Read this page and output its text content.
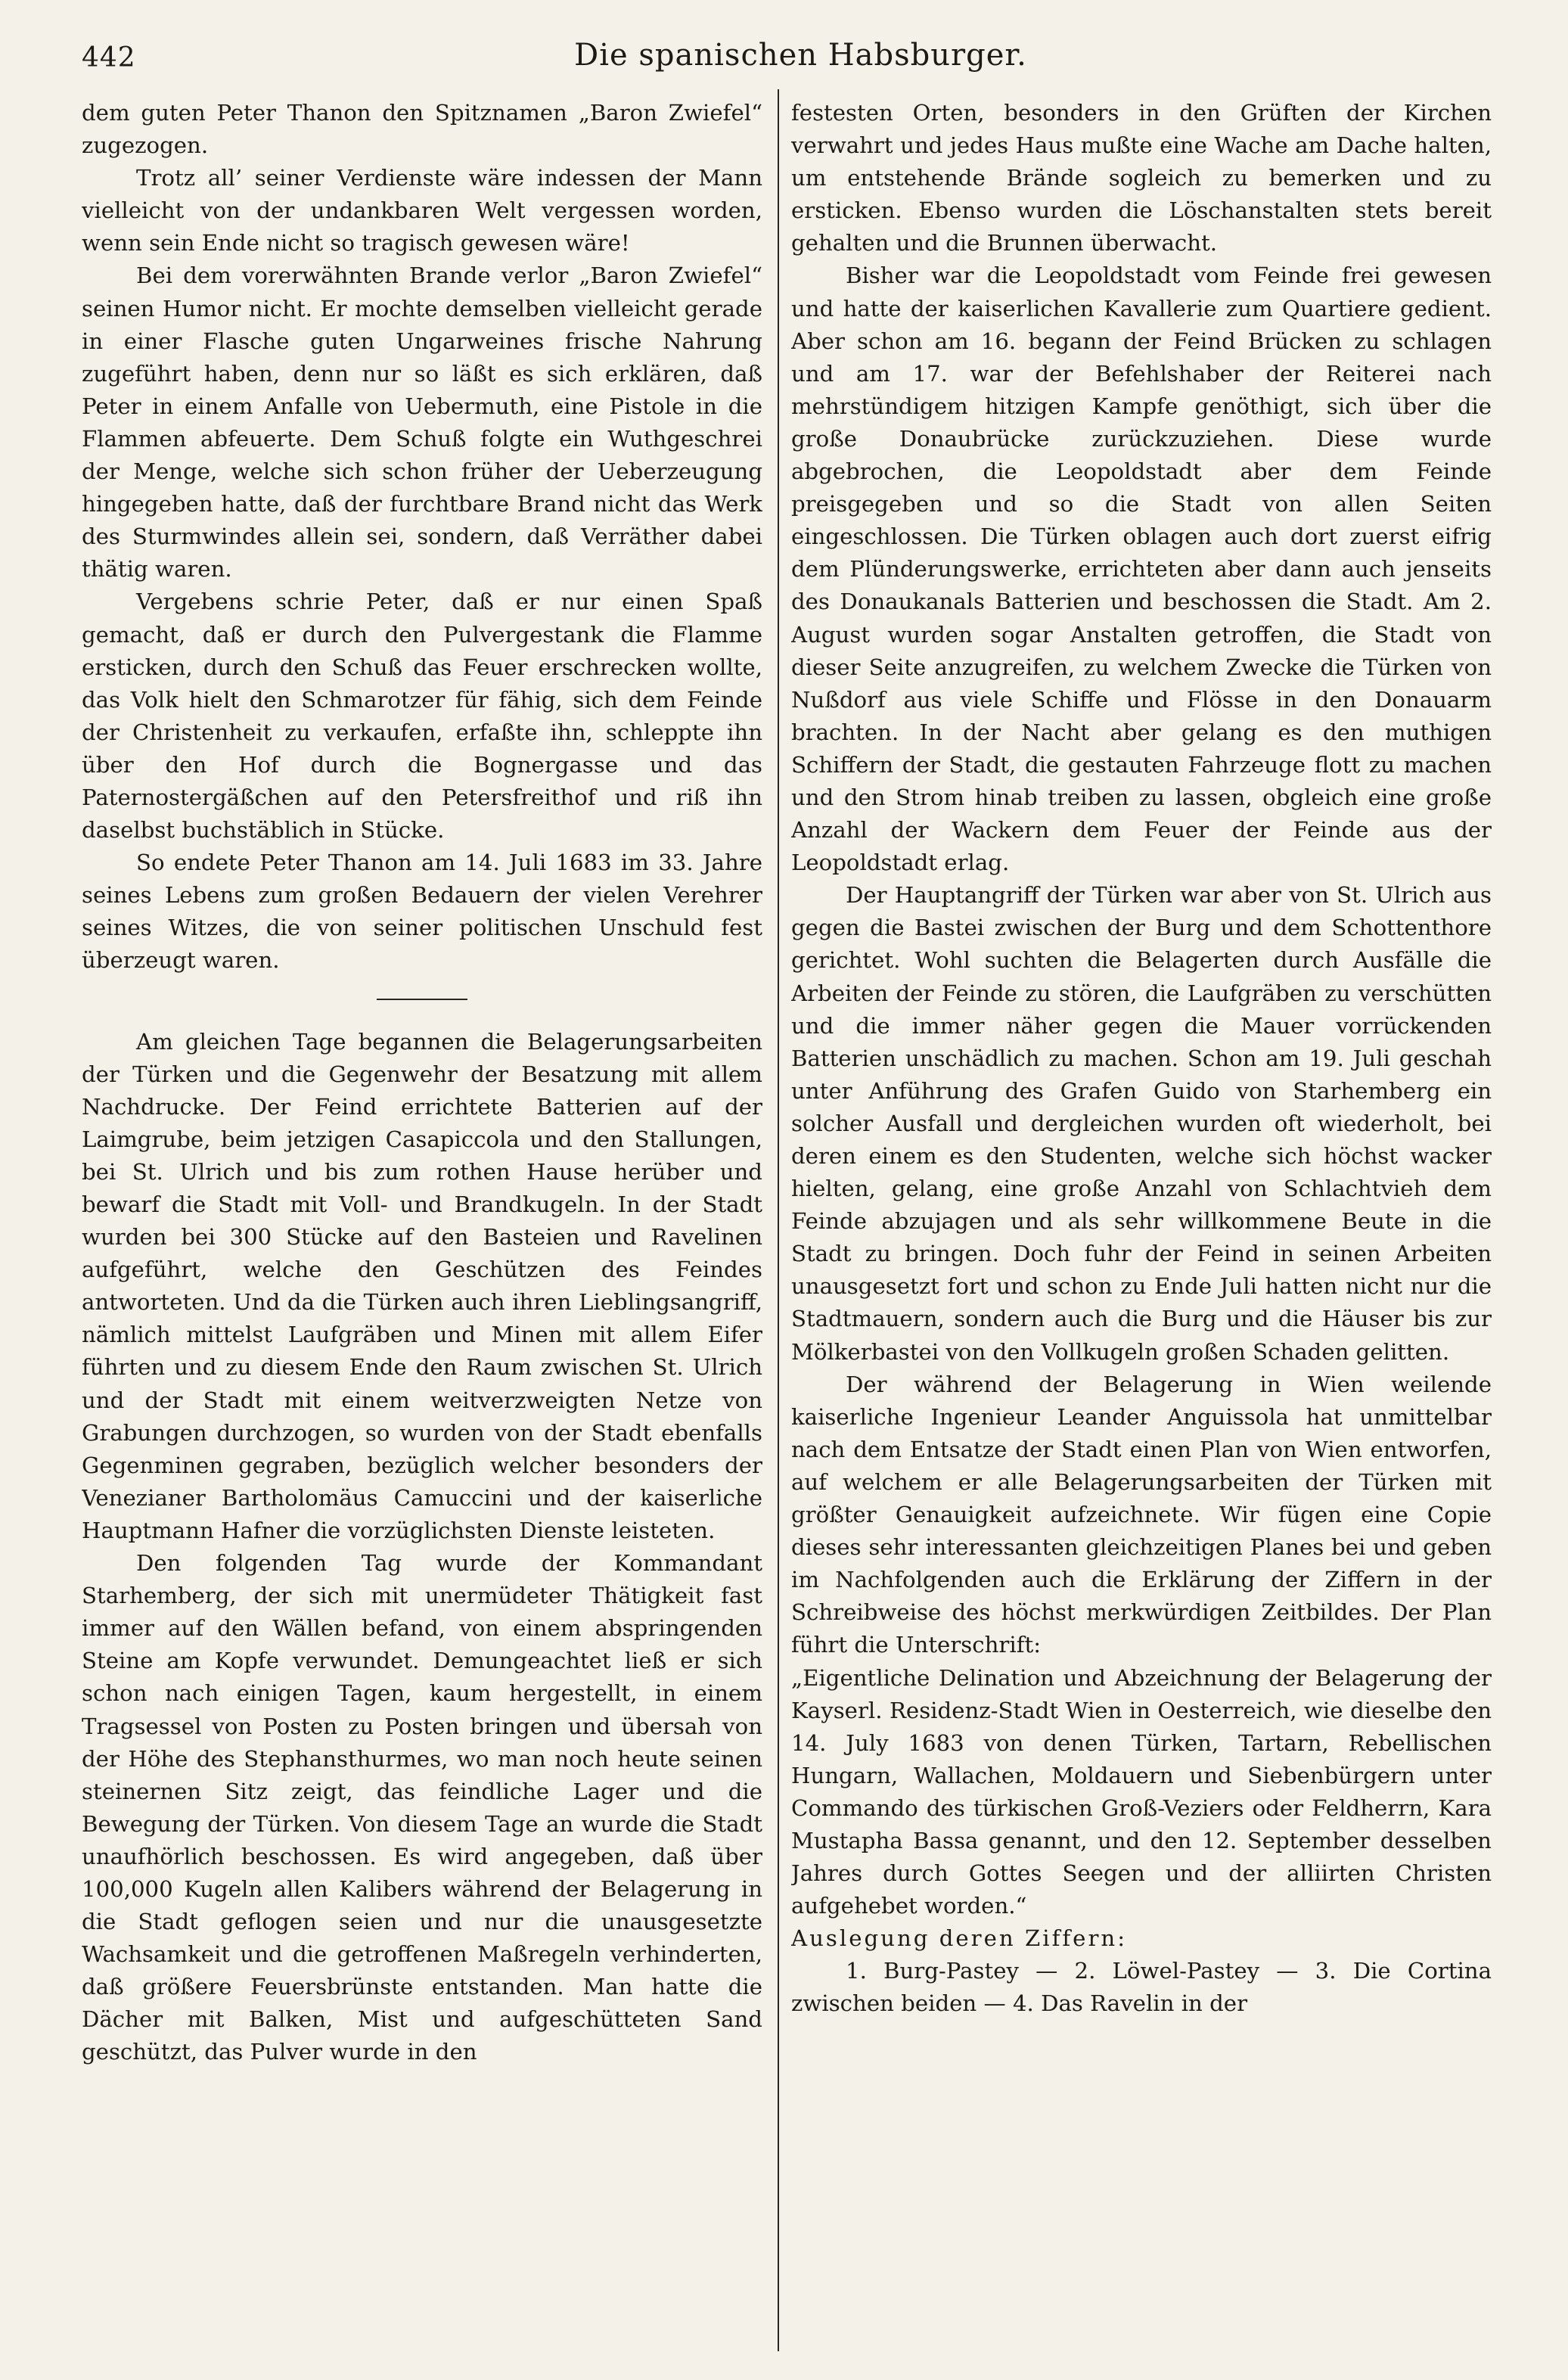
442	Die spanischen Habsburger.

dem guten Peter Thanon den Spitznamen „Baron Zwiefel“ zugezogen.

Trotz all’ seiner Verdienste wäre indessen der Mann vielleicht von der undankbaren Welt vergessen worden, wenn sein Ende nicht so tragisch gewesen wäre!

Bei dem vorerwähnten Brande verlor „Baron Zwiefel“ seinen Humor nicht. Er mochte demselben vielleicht gerade in einer Flasche guten Ungarweines frische Nahrung zugeführt haben, denn nur so läßt es sich erklären, daß Peter in einem Anfalle von Uebermuth, eine Pistole in die Flammen abfeuerte. Dem Schuß folgte ein Wuthgeschrei der Menge, welche sich schon früher der Ueberzeugung hingegeben hatte, daß der furchtbare Brand nicht das Werk des Sturmwindes allein sei, sondern, daß Verräther dabei thätig waren.

Vergebens schrie Peter, daß er nur einen Spaß gemacht, daß er durch den Pulvergestank die Flamme ersticken, durch den Schuß das Feuer erschrecken wollte, das Volk hielt den Schmarotzer für fähig, sich dem Feinde der Christenheit zu verkaufen, erfaßte ihn, schleppte ihn über den Hof durch die Bognergasse und das Paternostergäßchen auf den Petersfreithof und riß ihn daselbst buchstäblich in Stücke.

So endete Peter Thanon am 14. Juli 1683 im 33. Jahre seines Lebens zum großen Bedauern der vielen Verehrer seines Witzes, die von seiner politischen Unschuld fest überzeugt waren.

Am gleichen Tage begannen die Belagerungsarbeiten der Türken und die Gegenwehr der Besatzung mit allem Nachdrucke. Der Feind errichtete Batterien auf der Laimgrube, beim jetzigen Casapiccola und den Stallungen, bei St. Ulrich und bis zum rothen Hause herüber und bewarf die Stadt mit Voll- und Brandkugeln. In der Stadt wurden bei 300 Stücke auf den Basteien und Ravelinen aufgeführt, welche den Geschützen des Feindes antworteten. Und da die Türken auch ihren Lieblingsangriff, nämlich mittelst Laufgräben und Minen mit allem Eifer führten und zu diesem Ende den Raum zwischen St. Ulrich und der Stadt mit einem weitverzweigten Netze von Grabungen durchzogen, so wurden von der Stadt ebenfalls Gegenminen gegraben, bezüglich welcher besonders der Venezianer Bartholomäus Camuccini und der kaiserliche Hauptmann Hafner die vorzüglichsten Dienste leisteten.

Den folgenden Tag wurde der Kommandant Starhemberg, der sich mit unermüdeter Thätigkeit fast immer auf den Wällen befand, von einem abspringenden Steine am Kopfe verwundet. Demungeachtet ließ er sich schon nach einigen Tagen, kaum hergestellt, in einem Tragsessel von Posten zu Posten bringen und übersah von der Höhe des Stephansthurmes, wo man noch heute seinen steinernen Sitz zeigt, das feindliche Lager und die Bewegung der Türken. Von diesem Tage an wurde die Stadt unaufhörlich beschossen. Es wird angegeben, daß über 100,000 Kugeln allen Kalibers während der Belagerung in die Stadt geflogen seien und nur die unausgesetzte Wachsamkeit und die getroffenen Maßregeln verhinderten, daß größere Feuersbrünste entstanden. Man hatte die Dächer mit Balken, Mist und aufgeschütteten Sand geschützt, das Pulver wurde in den

festesten Orten, besonders in den Grüften der Kirchen verwahrt und jedes Haus mußte eine Wache am Dache halten, um entstehende Brände sogleich zu bemerken und zu ersticken. Ebenso wurden die Löschanstalten stets bereit gehalten und die Brunnen überwacht.

Bisher war die Leopoldstadt vom Feinde frei gewesen und hatte der kaiserlichen Kavallerie zum Quartiere gedient. Aber schon am 16. begann der Feind Brücken zu schlagen und am 17. war der Befehlshaber der Reiterei nach mehrstündigem hitzigen Kampfe genöthigt, sich über die große Donaubrücke zurückzuziehen. Diese wurde abgebrochen, die Leopoldstadt aber dem Feinde preisgegeben und so die Stadt von allen Seiten eingeschlossen. Die Türken oblagen auch dort zuerst eifrig dem Plünderungswerke, errichteten aber dann auch jenseits des Donaukanals Batterien und beschossen die Stadt. Am 2. August wurden sogar Anstalten getroffen, die Stadt von dieser Seite anzugreifen, zu welchem Zwecke die Türken von Nußdorf aus viele Schiffe und Flösse in den Donauarm brachten. In der Nacht aber gelang es den muthigen Schiffern der Stadt, die gestauten Fahrzeuge flott zu machen und den Strom hinab treiben zu lassen, obgleich eine große Anzahl der Wackern dem Feuer der Feinde aus der Leopoldstadt erlag.

Der Hauptangriff der Türken war aber von St. Ulrich aus gegen die Bastei zwischen der Burg und dem Schottenthore gerichtet. Wohl suchten die Belagerten durch Ausfälle die Arbeiten der Feinde zu stören, die Laufgräben zu verschütten und die immer näher gegen die Mauer vorrückenden Batterien unschädlich zu machen. Schon am 19. Juli geschah unter Anführung des Grafen Guido von Starhemberg ein solcher Ausfall und dergleichen wurden oft wiederholt, bei deren einem es den Studenten, welche sich höchst wacker hielten, gelang, eine große Anzahl von Schlachtvieh dem Feinde abzujagen und als sehr willkommene Beute in die Stadt zu bringen. Doch fuhr der Feind in seinen Arbeiten unausgesetzt fort und schon zu Ende Juli hatten nicht nur die Stadtmauern, sondern auch die Burg und die Häuser bis zur Mölkerbastei von den Vollkugeln großen Schaden gelitten.

Der während der Belagerung in Wien weilende kaiserliche Ingenieur Leander Anguissola hat unmittelbar nach dem Entsatze der Stadt einen Plan von Wien entworfen, auf welchem er alle Belagerungsarbeiten der Türken mit größter Genauigkeit aufzeichnete. Wir fügen eine Copie dieses sehr interessanten gleichzeitigen Planes bei und geben im Nachfolgenden auch die Erklärung der Ziffern in der Schreibweise des höchst merkwürdigen Zeitbildes. Der Plan führt die Unterschrift:

„Eigentliche Delination und Abzeichnung der Belagerung der Kayserl. Residenz-Stadt Wien in Oesterreich, wie dieselbe den 14. July 1683 von denen Türken, Tartarn, Rebellischen Hungarn, Wallachen, Moldauern und Siebenbürgern unter Commando des türkischen Groß-Veziers oder Feldherrn, Kara Mustapha Bassa genannt, und den 12. September desselben Jahres durch Gottes Seegen und der alliirten Christen aufgehebet worden.“

Auslegung deren Ziffern:

1. Burg-Pastey — 2. Löwel-Pastey — 3. Die Cortina zwischen beiden — 4. Das Ravelin in der
